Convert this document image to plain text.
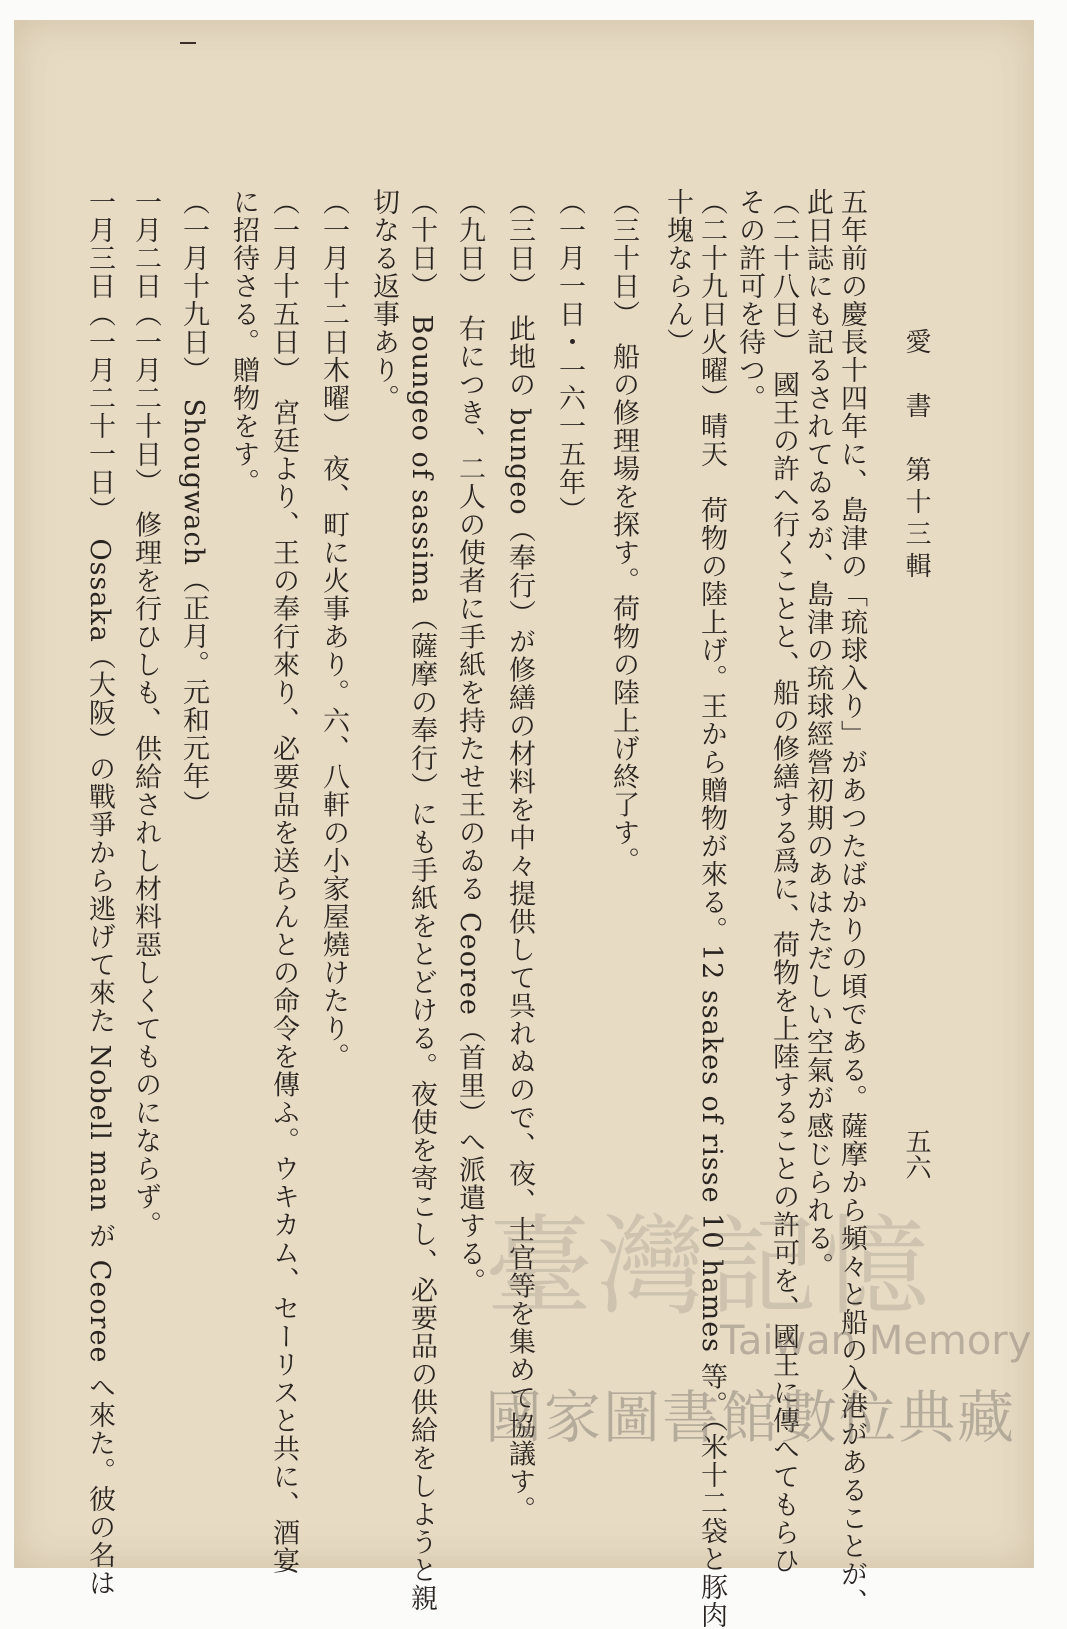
愛　書　第十三輯
五六
五年前の慶長十四年に、島津の「琉球入り」があつたばかりの頃である。薩摩から頻々と船の入港があることが、
此日誌にも記るされてゐるが、島津の琉球經營初期のあはただしい空氣が感じられる。
（二十八日）　國王の許へ行くことと、船の修繕する爲に、荷物を上陸することの許可を、國王に傳へてもらひ
その許可を待つ。
（二十九日火曜）晴天　荷物の陸上げ。王から贈物が來る。12 ssakes of risse 10 hames 等。（米十二袋と豚肉
十塊ならん）
（三十日）　船の修理場を探す。荷物の陸上げ終了す。
（一月一日・一六一五年）
（三日）　此地の bungeo（奉行）が修繕の材料を中々提供して呉れぬので、夜、士官等を集めて協議す。
（九日）　右につき、二人の使者に手紙を持たせ王のゐる Ceoree（首里）へ派遣する。
（十日）　Boungeo of sassima（薩摩の奉行）にも手紙をとどける。夜使を寄こし、必要品の供給をしようと親
切なる返事あり。
（一月十二日木曜）　夜、町に火事あり。六、八軒の小家屋燒けたり。
（一月十五日）　宮廷より、王の奉行來り、必要品を送らんとの命令を傳ふ。ウキカム、セーリスと共に、酒宴
に招待さる。贈物をす。
（一月十九日）　Shougwach（正月。元和元年）
一月二日（一月二十日）　修理を行ひしも、供給されし材料惡しくてものにならず。
一月三日（一月二十一日）　Ossaka（大阪）の戰爭から逃げて來た Nobell man が Ceoree へ來た。彼の名は	臺灣記憶
Taiwan Memory
國家圖書館數位典藏
